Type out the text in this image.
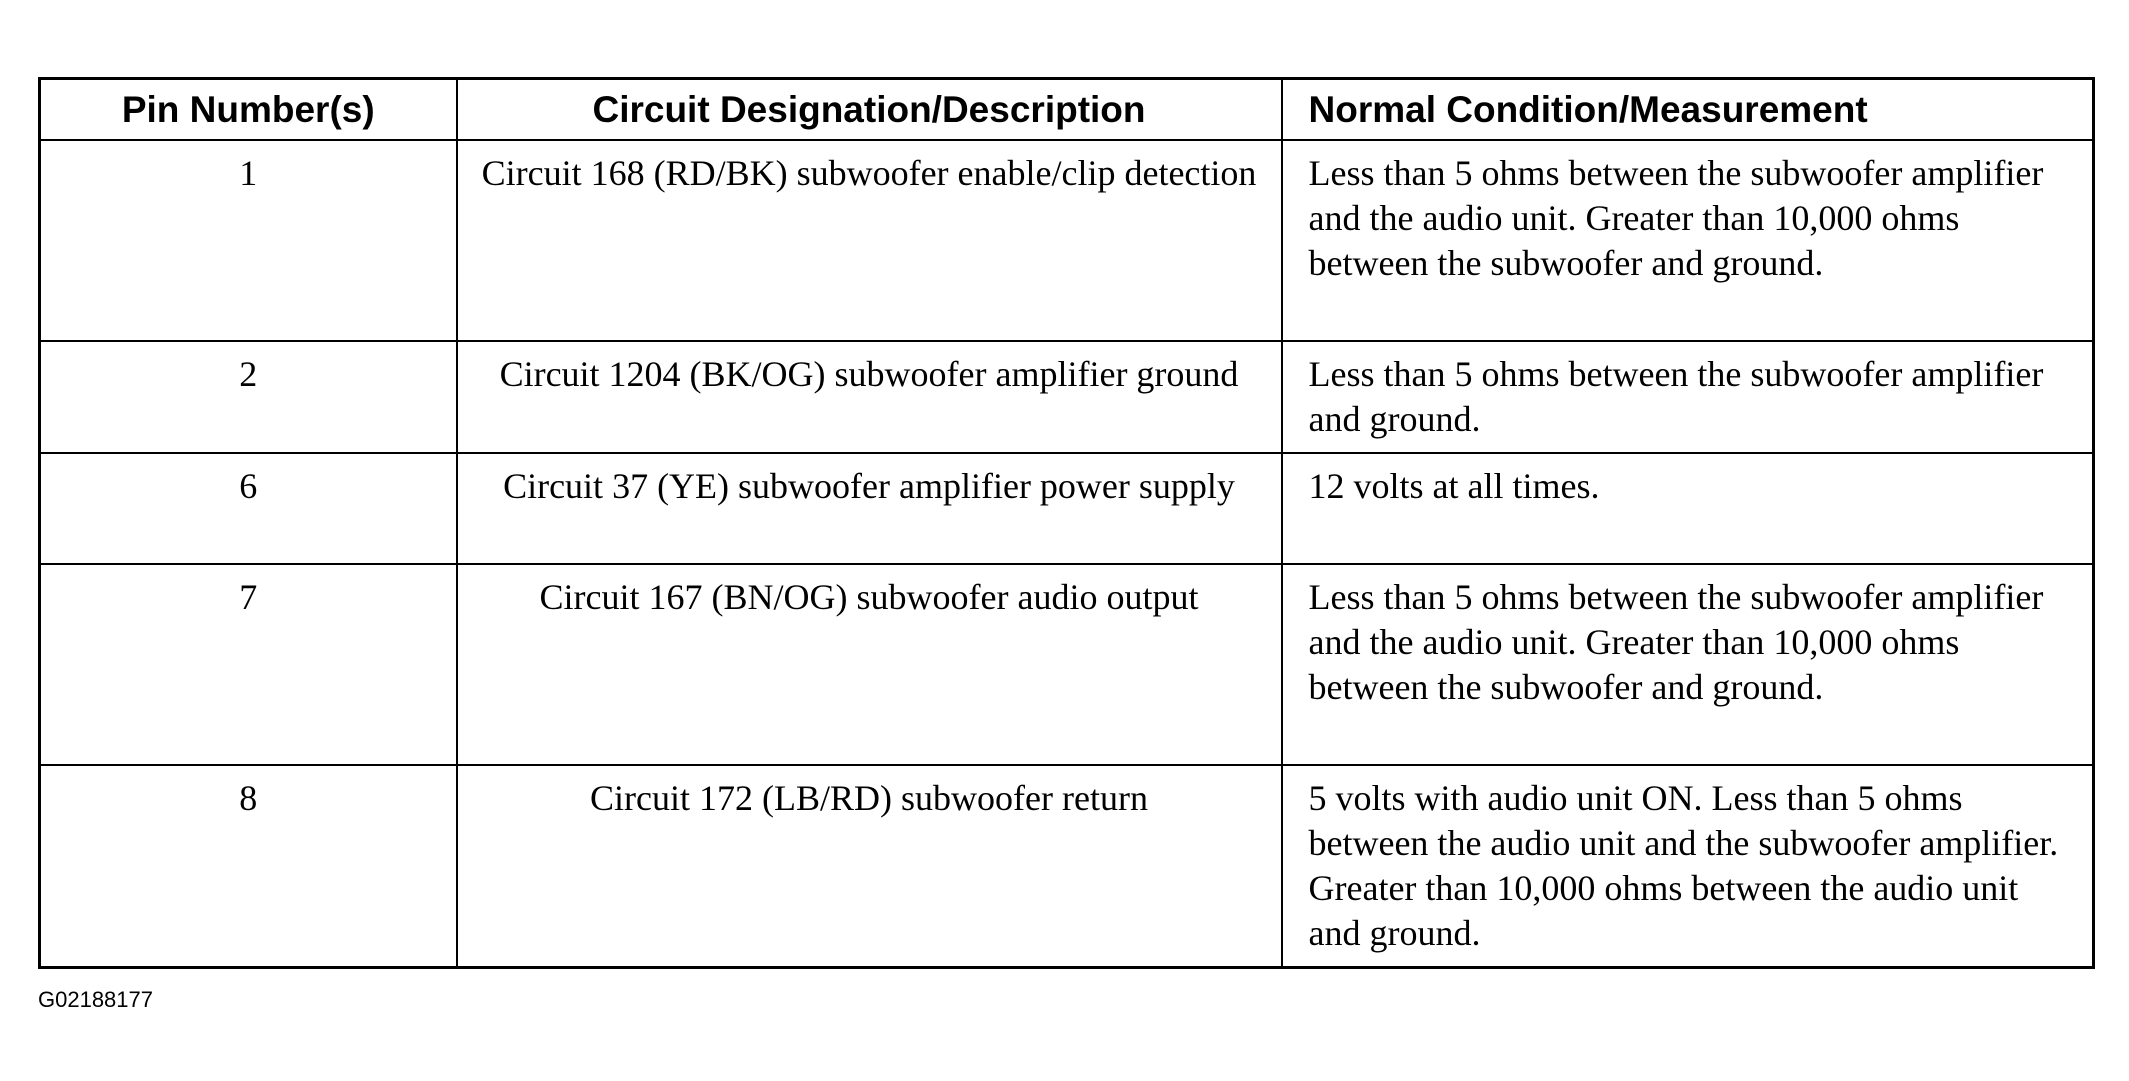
Pin Number(s)	Circuit Designation/Description	Normal Condition/Measurement
1	Circuit 168 (RD/BK) subwoofer enable/clip detection	Less than 5 ohms between the subwoofer amplifier and the audio unit. Greater than 10,000 ohms between the subwoofer and ground.
2	Circuit 1204 (BK/OG) subwoofer amplifier ground	Less than 5 ohms between the subwoofer amplifier and ground.
6	Circuit 37 (YE) subwoofer amplifier power supply	12 volts at all times.
7	Circuit 167 (BN/OG) subwoofer audio output	Less than 5 ohms between the subwoofer amplifier and the audio unit. Greater than 10,000 ohms between the subwoofer and ground.
8	Circuit 172 (LB/RD) subwoofer return	5 volts with audio unit ON. Less than 5 ohms between the audio unit and the subwoofer amplifier. Greater than 10,000 ohms between the audio unit and ground.
G02188177
